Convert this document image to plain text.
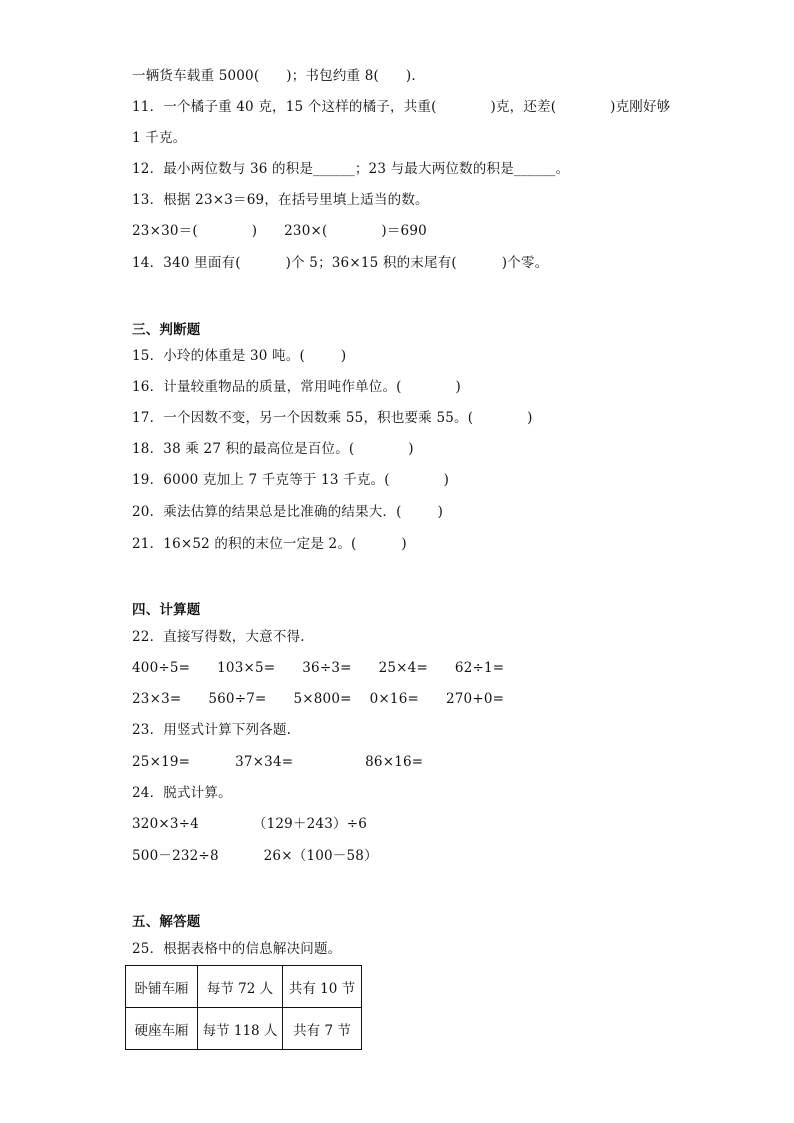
一辆货车载重 5000(      )；书包约重 8(      ).
11．一个橘子重 40 克，15 个这样的橘子，共重(            )克，还差(            )克刚好够
1 千克。
12．最小两位数与 36 的积是______；23 与最大两位数的积是______。
13．根据 23×3＝69，在括号里填上适当的数。
23×30＝(            )      230×(            )＝690
14．340 里面有(          )个 5；36×15 积的末尾有(          )个零。
三、判断题
15．小玲的体重是 30 吨。(        )
16．计量较重物品的质量，常用吨作单位。(            )
17．一个因数不变，另一个因数乘 55，积也要乘 55。(            )
18．38 乘 27 积的最高位是百位。(            )
19．6000 克加上 7 千克等于 13 千克。(            )
20．乘法估算的结果总是比准确的结果大．(        )
21．16×52 的积的末位一定是 2。(          )
四、计算题
22．直接写得数，大意不得.
400÷5=      103×5=      36÷3=      25×4=      62÷1=
23×3=      560÷7=      5×800=    0×16=      270+0=
23．用竖式计算下列各题.
25×19=          37×34=                86×16=
24．脱式计算。
320×3÷4            （129＋243）÷6
500－232÷8          26×（100－58）
五、解答题
25．根据表格中的信息解决问题。
卧铺车厢	每节 72 人	共有 10 节
硬座车厢	每节 118 人	共有 7 节
